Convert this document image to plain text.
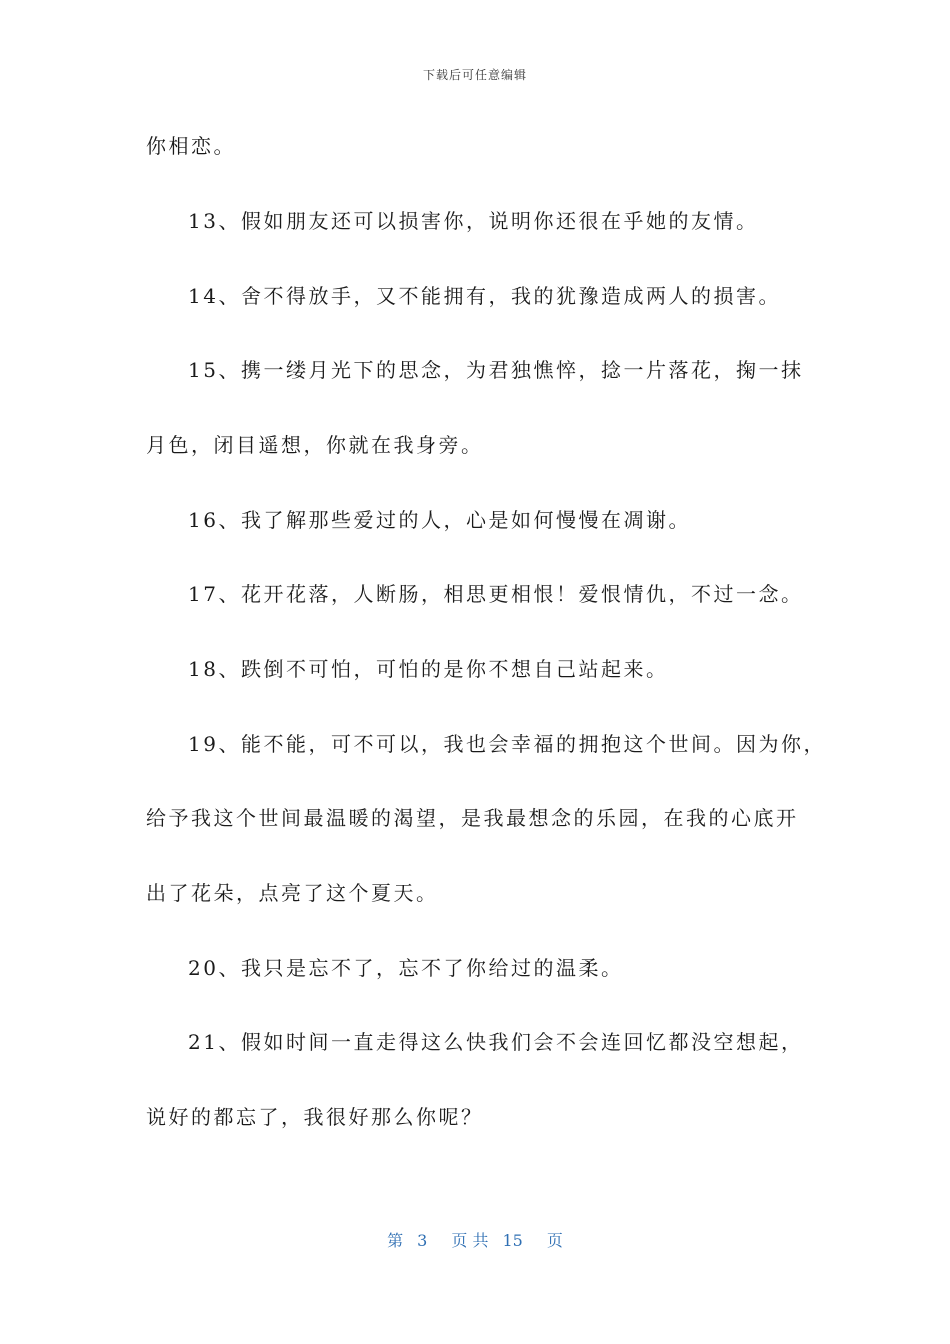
下载后可任意编辑
你相恋。
13、假如朋友还可以损害你，说明你还很在乎她的友情。
14、舍不得放手，又不能拥有，我的犹豫造成两人的损害。
15、携一缕月光下的思念，为君独憔悴，捻一片落花，掬一抹
月色，闭目遥想，你就在我身旁。
16、我了解那些爱过的人，心是如何慢慢在凋谢。
17、花开花落，人断肠，相思更相恨！爱恨情仇，不过一念。
18、跌倒不可怕，可怕的是你不想自己站起来。
19、能不能，可不可以，我也会幸福的拥抱这个世间。因为你，
给予我这个世间最温暖的渴望，是我最想念的乐园，在我的心底开
出了花朵，点亮了这个夏天。
20、我只是忘不了，忘不了你给过的温柔。
21、假如时间一直走得这么快我们会不会连回忆都没空想起，
说好的都忘了，我很好那么你呢？
第 3 页 共 15 页
